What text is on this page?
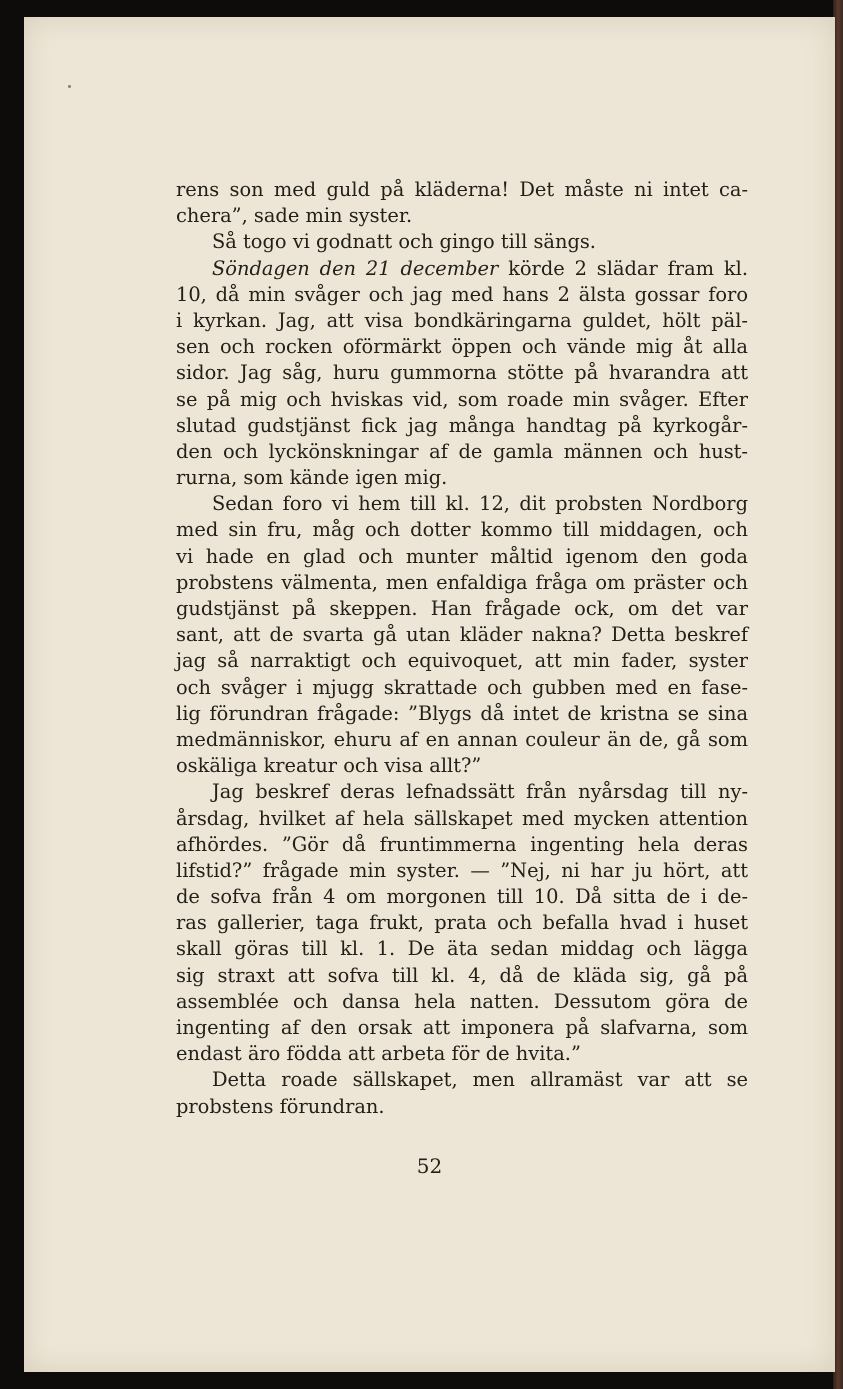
rens son med guld på kläderna! Det måste ni intet ca-
chera”, sade min syster.
Så togo vi godnatt och gingo till sängs.
Söndagen den 21 december körde 2 slädar fram kl.
10, då min svåger och jag med hans 2 älsta gossar foro
i kyrkan. Jag, att visa bondkäringarna guldet, hölt päl-
sen och rocken oförmärkt öppen och vände mig åt alla
sidor. Jag såg, huru gummorna stötte på hvarandra att
se på mig och hviskas vid, som roade min svåger. Efter
slutad gudstjänst fick jag många handtag på kyrkogår-
den och lyckönskningar af de gamla männen och hust-
rurna, som kände igen mig.
Sedan foro vi hem till kl. 12, dit probsten Nordborg
med sin fru, måg och dotter kommo till middagen, och
vi hade en glad och munter måltid igenom den goda
probstens välmenta, men enfaldiga fråga om präster och
gudstjänst på skeppen. Han frågade ock, om det var
sant, att de svarta gå utan kläder nakna? Detta beskref
jag så narraktigt och equivoquet, att min fader, syster
och svåger i mjugg skrattade och gubben med en fase-
lig förundran frågade: ”Blygs då intet de kristna se sina
medmänniskor, ehuru af en annan couleur än de, gå som
oskäliga kreatur och visa allt?”
Jag beskref deras lefnadssätt från nyårsdag till ny-
årsdag, hvilket af hela sällskapet med mycken attention
afhördes. ”Gör då fruntimmerna ingenting hela deras
lifstid?” frågade min syster. — ”Nej, ni har ju hört, att
de sofva från 4 om morgonen till 10. Då sitta de i de-
ras gallerier, taga frukt, prata och befalla hvad i huset
skall göras till kl. 1. De äta sedan middag och lägga
sig straxt att sofva till kl. 4, då de kläda sig, gå på
assemblée och dansa hela natten. Dessutom göra de
ingenting af den orsak att imponera på slafvarna, som
endast äro födda att arbeta för de hvita.”
Detta roade sällskapet, men allramäst var att se
probstens förundran.
52
